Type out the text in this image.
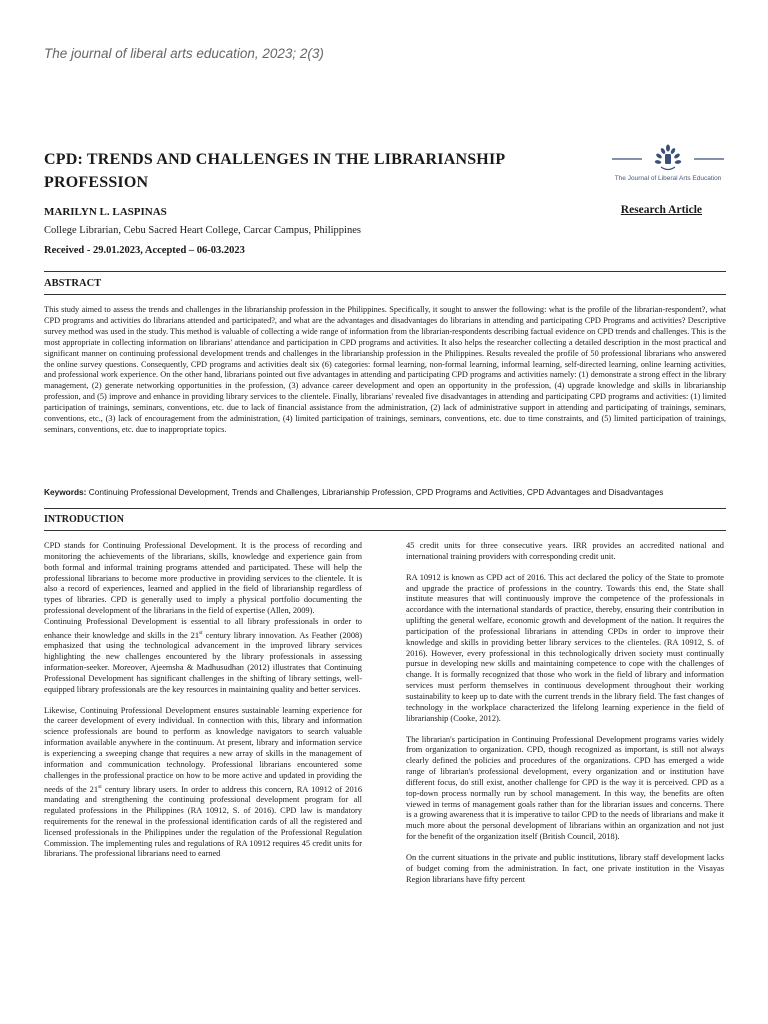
The journal of liberal arts education, 2023; 2(3)
CPD: TRENDS AND CHALLENGES IN THE LIBRARIANSHIP PROFESSION	The Journal of Liberal Arts Education
Research Article
MARILYN L. LASPINAS
College Librarian, Cebu Sacred Heart College, Carcar Campus, Philippines
Received - 29.01.2023, Accepted – 06-03.2023
ABSTRACT

This study aimed to assess the trends and challenges in the librarianship profession in the Philippines. Specifically, it sought to answer the following: what is the profile of the librarian-respondent?, what CPD programs and activities do librarians attended and participated?, and what are the advantages and disadvantages do librarians in attending and participating CPD Programs and activities? Descriptive survey method was used in the study. This method is valuable of collecting a wide range of information from the librarian-respondents describing factual evidence on CPD trends and challenges. This is the most appropriate in collecting information on librarians' attendance and participation in CPD programs and activities. It also helps the researcher collecting a detailed description in the most practical and significant manner on continuing professional development trends and challenges in the librarianship profession in the Philippines. Results revealed the profile of 50 professional librarians who answered the online survey questions. Consequently, CPD programs and activities dealt six (6) categories: formal learning, non-formal learning, informal learning, self-directed learning, online learning activities, and professional work experience. On the other hand, librarians pointed out five advantages in attending and participating CPD programs and activities namely: (1) demonstrate a strong effect in the library management, (2) generate networking opportunities in the profession, (3) advance career development and open an opportunity in the profession, (4) upgrade knowledge and skills in librarianship profession, and (5) improve and enhance in providing library services to the clientele. Finally, librarians' revealed five disadvantages in attending and participating CPD programs and activities: (1) limited participation of trainings, seminars, conventions, etc. due to lack of financial assistance from the administration, (2) lack of administrative support in attending and participating of trainings, seminars, conventions, etc., (3) lack of encouragement from the administration, (4) limited participation of trainings, seminars, conventions, etc. due to time constraints, and (5) limited participation of trainings, seminars, conventions, etc. due to inappropriate topics.

Keywords: Continuing Professional Development, Trends and Challenges, Librarianship Profession, CPD Programs and Activities, CPD Advantages and Disadvantages
INTRODUCTION

CPD stands for Continuing Professional Development. It is the process of recording and monitoring the achievements of the librarians, skills, knowledge and experience gain from both formal and informal training programs attended and participated. These will help the professional librarians to become more productive in providing services to the clientele. It is also a record of experiences, learned and applied in the field of librarianship regardless of types of libraries. CPD is generally used to imply a physical portfolio documenting the professional development of the librarians in the field of expertise (Allen, 2009).

Continuing Professional Development is essential to all library professionals in order to enhance their knowledge and skills in the 21st century library innovation. As Feather (2008) emphasized that using the technological advancement in the improved library services highlighting the new challenges encountered by the library professionals in assessing information-seeker. Moreover, Ajeemsha & Madhusudhan (2012) illustrates that Continuing Professional Development has significant challenges in the shifting of library settings, well-equipped library professionals are the key resources in maintaining quality and better services.

Likewise, Continuing Professional Development ensures sustainable learning experience for the career development of every individual. In connection with this, library and information science professionals are bound to perform as knowledge navigators to search valuable information available anywhere in the continuum. At present, library and information service is experiencing a sweeping change that requires a new array of skills in the management of information and communication technology. Professional librarians encountered some challenges in the professional practice on how to be more active and updated in providing the needs of the 21st century library users. In order to address this concern, RA 10912 of 2016 mandating and strengthening the continuing professional development program for all regulated professions in the Philippines (RA 10912, S. of 2016). CPD law is mandatory requirements for the renewal in the professional identification cards of all the registered and licensed professionals in the Philippines under the regulation of the Professional Regulation Commission. The implementing rules and regulations of RA 10912 requires 45 credit units for librarians. The professional librarians need to earned

45 credit units for three consecutive years. IRR provides an accredited national and international training providers with corresponding credit unit.

RA 10912 is known as CPD act of 2016. This act declared the policy of the State to promote and upgrade the practice of professions in the country. Towards this end, the State shall institute measures that will continuously improve the competence of the professionals in accordance with the international standards of practice, thereby, ensuring their contribution in uplifting the general welfare, economic growth and development of the nation. It requires the participation of the professional librarians in attending CPDs in order to improve their knowledge and skills in providing better library services to the clienteles. (RA 10912, S. of 2016). However, every professional in this technologically driven society must continually pursue in developing new skills and maintaining competence to cope with the challenges of change. It is formally recognized that those who work in the field of library and information services must perform themselves in continuous development throughout their working sustainability to keep up to date with the current trends in the library field. The fast changes of technology in the workplace characterized the lifelong learning experience in the field of librarianship (Cooke, 2012).

The librarian's participation in Continuing Professional Development programs varies widely from organization to organization. CPD, though recognized as important, is still not always clearly defined the policies and procedures of the organizations. CPD has emerged a wide range of librarian's professional development, every organization and or institution have different focus, do still exist, another challenge for CPD is the way it is perceived. CPD as a top-down process normally run by school management. In this way, the benefits are often viewed in terms of management goals rather than for the librarian issues and concerns. There is a growing awareness that it is imperative to tailor CPD to the needs of librarians and make it much more about the personal development of librarians within an organization and not just for the benefit of the organization itself (British Council, 2018).

On the current situations in the private and public institutions, library staff development lacks of budget coming from the administration. In fact, one private institution in the Visayas Region librarians have fifty percent
